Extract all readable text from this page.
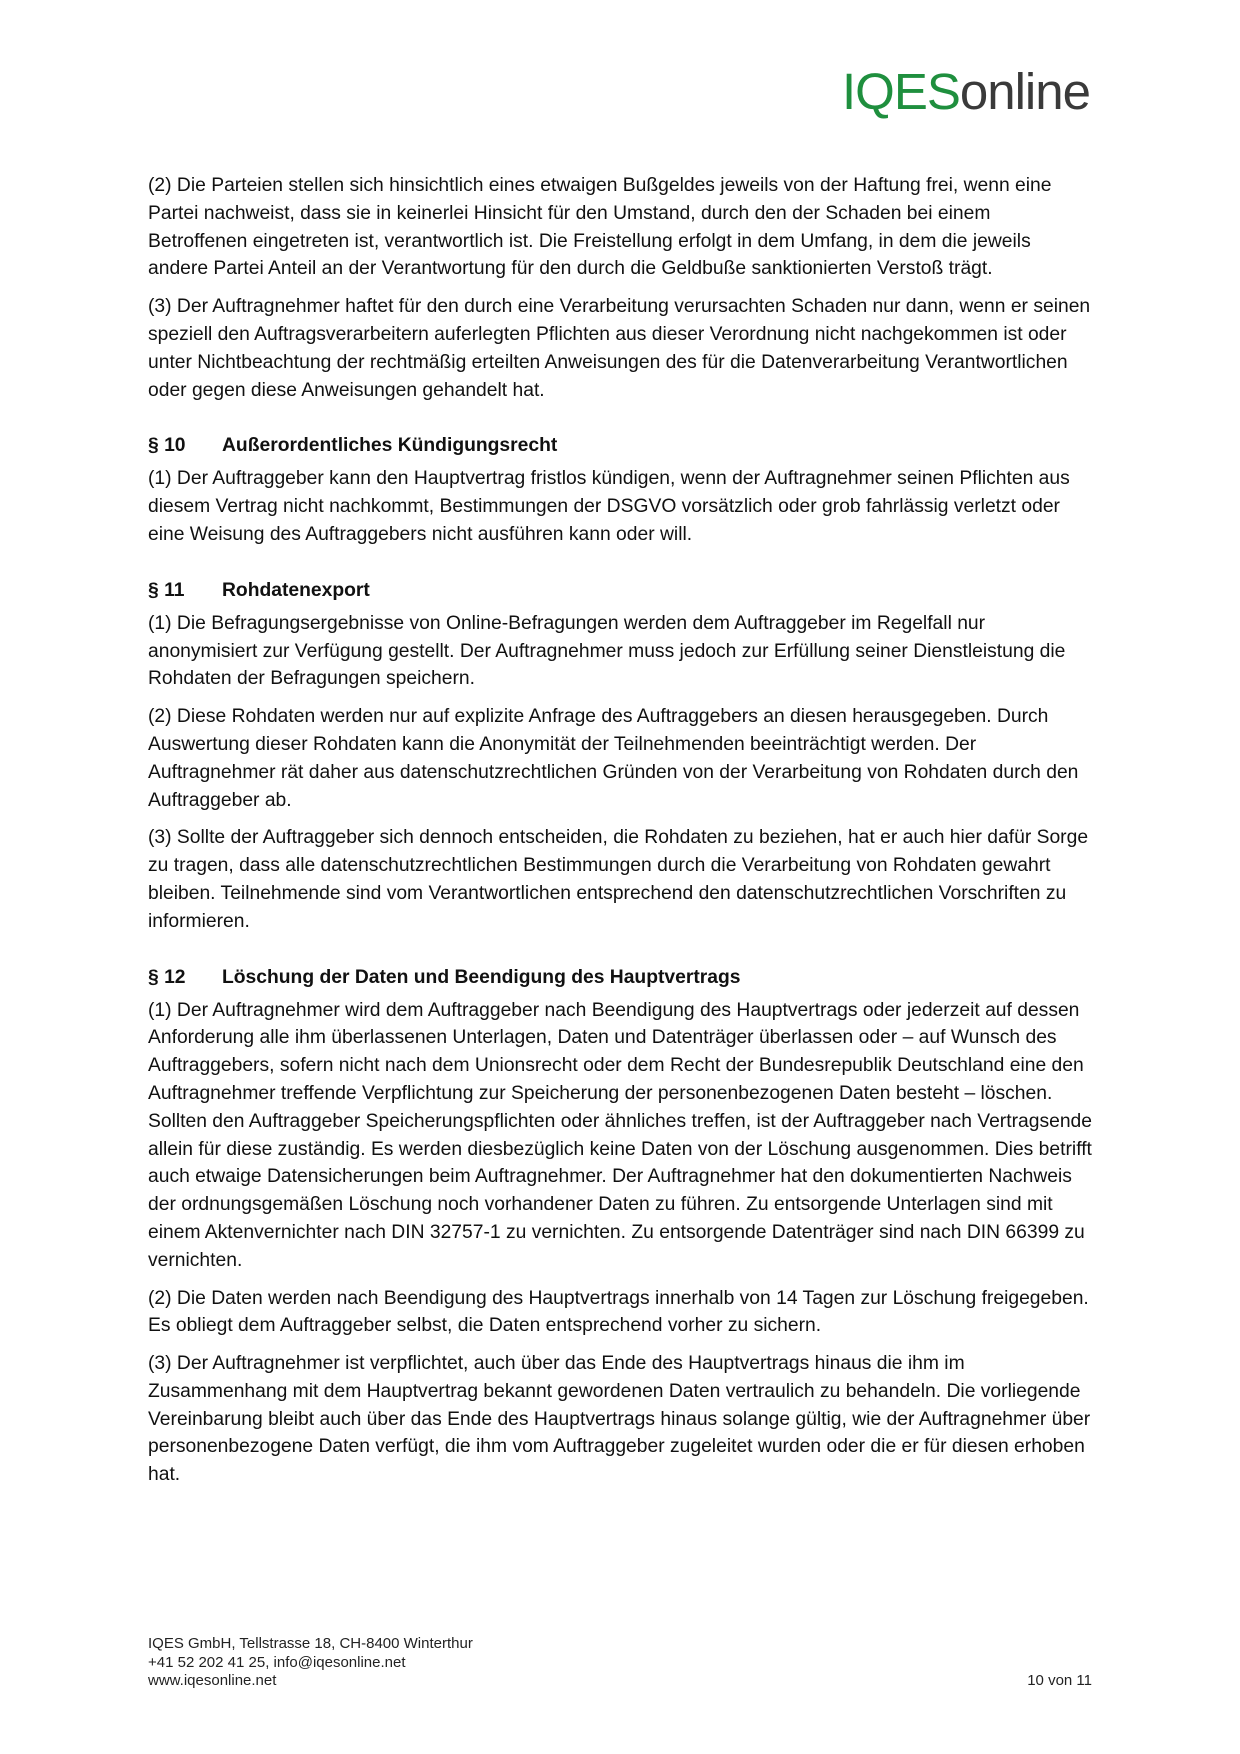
IQESonline

(2) Die Parteien stellen sich hinsichtlich eines etwaigen Bußgeldes jeweils von der Haftung frei, wenn eine Partei nachweist, dass sie in keinerlei Hinsicht für den Umstand, durch den der Schaden bei einem Betroffenen eingetreten ist, verantwortlich ist. Die Freistellung erfolgt in dem Umfang, in dem die jeweils andere Partei Anteil an der Verantwortung für den durch die Geldbuße sanktionierten Verstoß trägt.

(3) Der Auftragnehmer haftet für den durch eine Verarbeitung verursachten Schaden nur dann, wenn er seinen speziell den Auftragsverarbeitern auferlegten Pflichten aus dieser Verordnung nicht nachgekommen ist oder unter Nichtbeachtung der rechtmäßig erteilten Anweisungen des für die Datenverarbeitung Verantwortlichen oder gegen diese Anweisungen gehandelt hat.

§ 10	Außerordentliches Kündigungsrecht

(1) Der Auftraggeber kann den Hauptvertrag fristlos kündigen, wenn der Auftragnehmer seinen Pflichten aus diesem Vertrag nicht nachkommt, Bestimmungen der DSGVO vorsätzlich oder grob fahrlässig verletzt oder eine Weisung des Auftraggebers nicht ausführen kann oder will.

§ 11	Rohdatenexport

(1) Die Befragungsergebnisse von Online-Befragungen werden dem Auftraggeber im Regelfall nur anonymisiert zur Verfügung gestellt. Der Auftragnehmer muss jedoch zur Erfüllung seiner Dienstleistung die Rohdaten der Befragungen speichern.

(2) Diese Rohdaten werden nur auf explizite Anfrage des Auftraggebers an diesen herausgegeben. Durch Auswertung dieser Rohdaten kann die Anonymität der Teilnehmenden beeinträchtigt werden. Der Auftragnehmer rät daher aus datenschutzrechtlichen Gründen von der Verarbeitung von Rohdaten durch den Auftraggeber ab.

(3) Sollte der Auftraggeber sich dennoch entscheiden, die Rohdaten zu beziehen, hat er auch hier dafür Sorge zu tragen, dass alle datenschutzrechtlichen Bestimmungen durch die Verarbeitung von Rohdaten gewahrt bleiben. Teilnehmende sind vom Verantwortlichen entsprechend den datenschutzrechtlichen Vorschriften zu informieren.

§ 12	Löschung der Daten und Beendigung des Hauptvertrags

(1) Der Auftragnehmer wird dem Auftraggeber nach Beendigung des Hauptvertrags oder jederzeit auf dessen Anforderung alle ihm überlassenen Unterlagen, Daten und Datenträger überlassen oder – auf Wunsch des Auftraggebers, sofern nicht nach dem Unionsrecht oder dem Recht der Bundesrepublik Deutschland eine den Auftragnehmer treffende Verpflichtung zur Speicherung der personenbezogenen Daten besteht – löschen. Sollten den Auftraggeber Speicherungspflichten oder ähnliches treffen, ist der Auftraggeber nach Vertragsende allein für diese zuständig. Es werden diesbezüglich keine Daten von der Löschung ausgenommen. Dies betrifft auch etwaige Datensicherungen beim Auftragnehmer. Der Auftragnehmer hat den dokumentierten Nachweis der ordnungsgemäßen Löschung noch vorhandener Daten zu führen. Zu entsorgende Unterlagen sind mit einem Aktenvernichter nach DIN 32757-1 zu vernichten. Zu entsorgende Datenträger sind nach DIN 66399 zu vernichten.

(2) Die Daten werden nach Beendigung des Hauptvertrags innerhalb von 14 Tagen zur Löschung freigegeben. Es obliegt dem Auftraggeber selbst, die Daten entsprechend vorher zu sichern.

(3) Der Auftragnehmer ist verpflichtet, auch über das Ende des Hauptvertrags hinaus die ihm im Zusammenhang mit dem Hauptvertrag bekannt gewordenen Daten vertraulich zu behandeln. Die vorliegende Vereinbarung bleibt auch über das Ende des Hauptvertrags hinaus solange gültig, wie der Auftragnehmer über personenbezogene Daten verfügt, die ihm vom Auftraggeber zugeleitet wurden oder die er für diesen erhoben hat.

IQES GmbH, Tellstrasse 18, CH-8400 Winterthur
+41 52 202 41 25, info@iqesonline.net
www.iqesonline.net	10 von 11
